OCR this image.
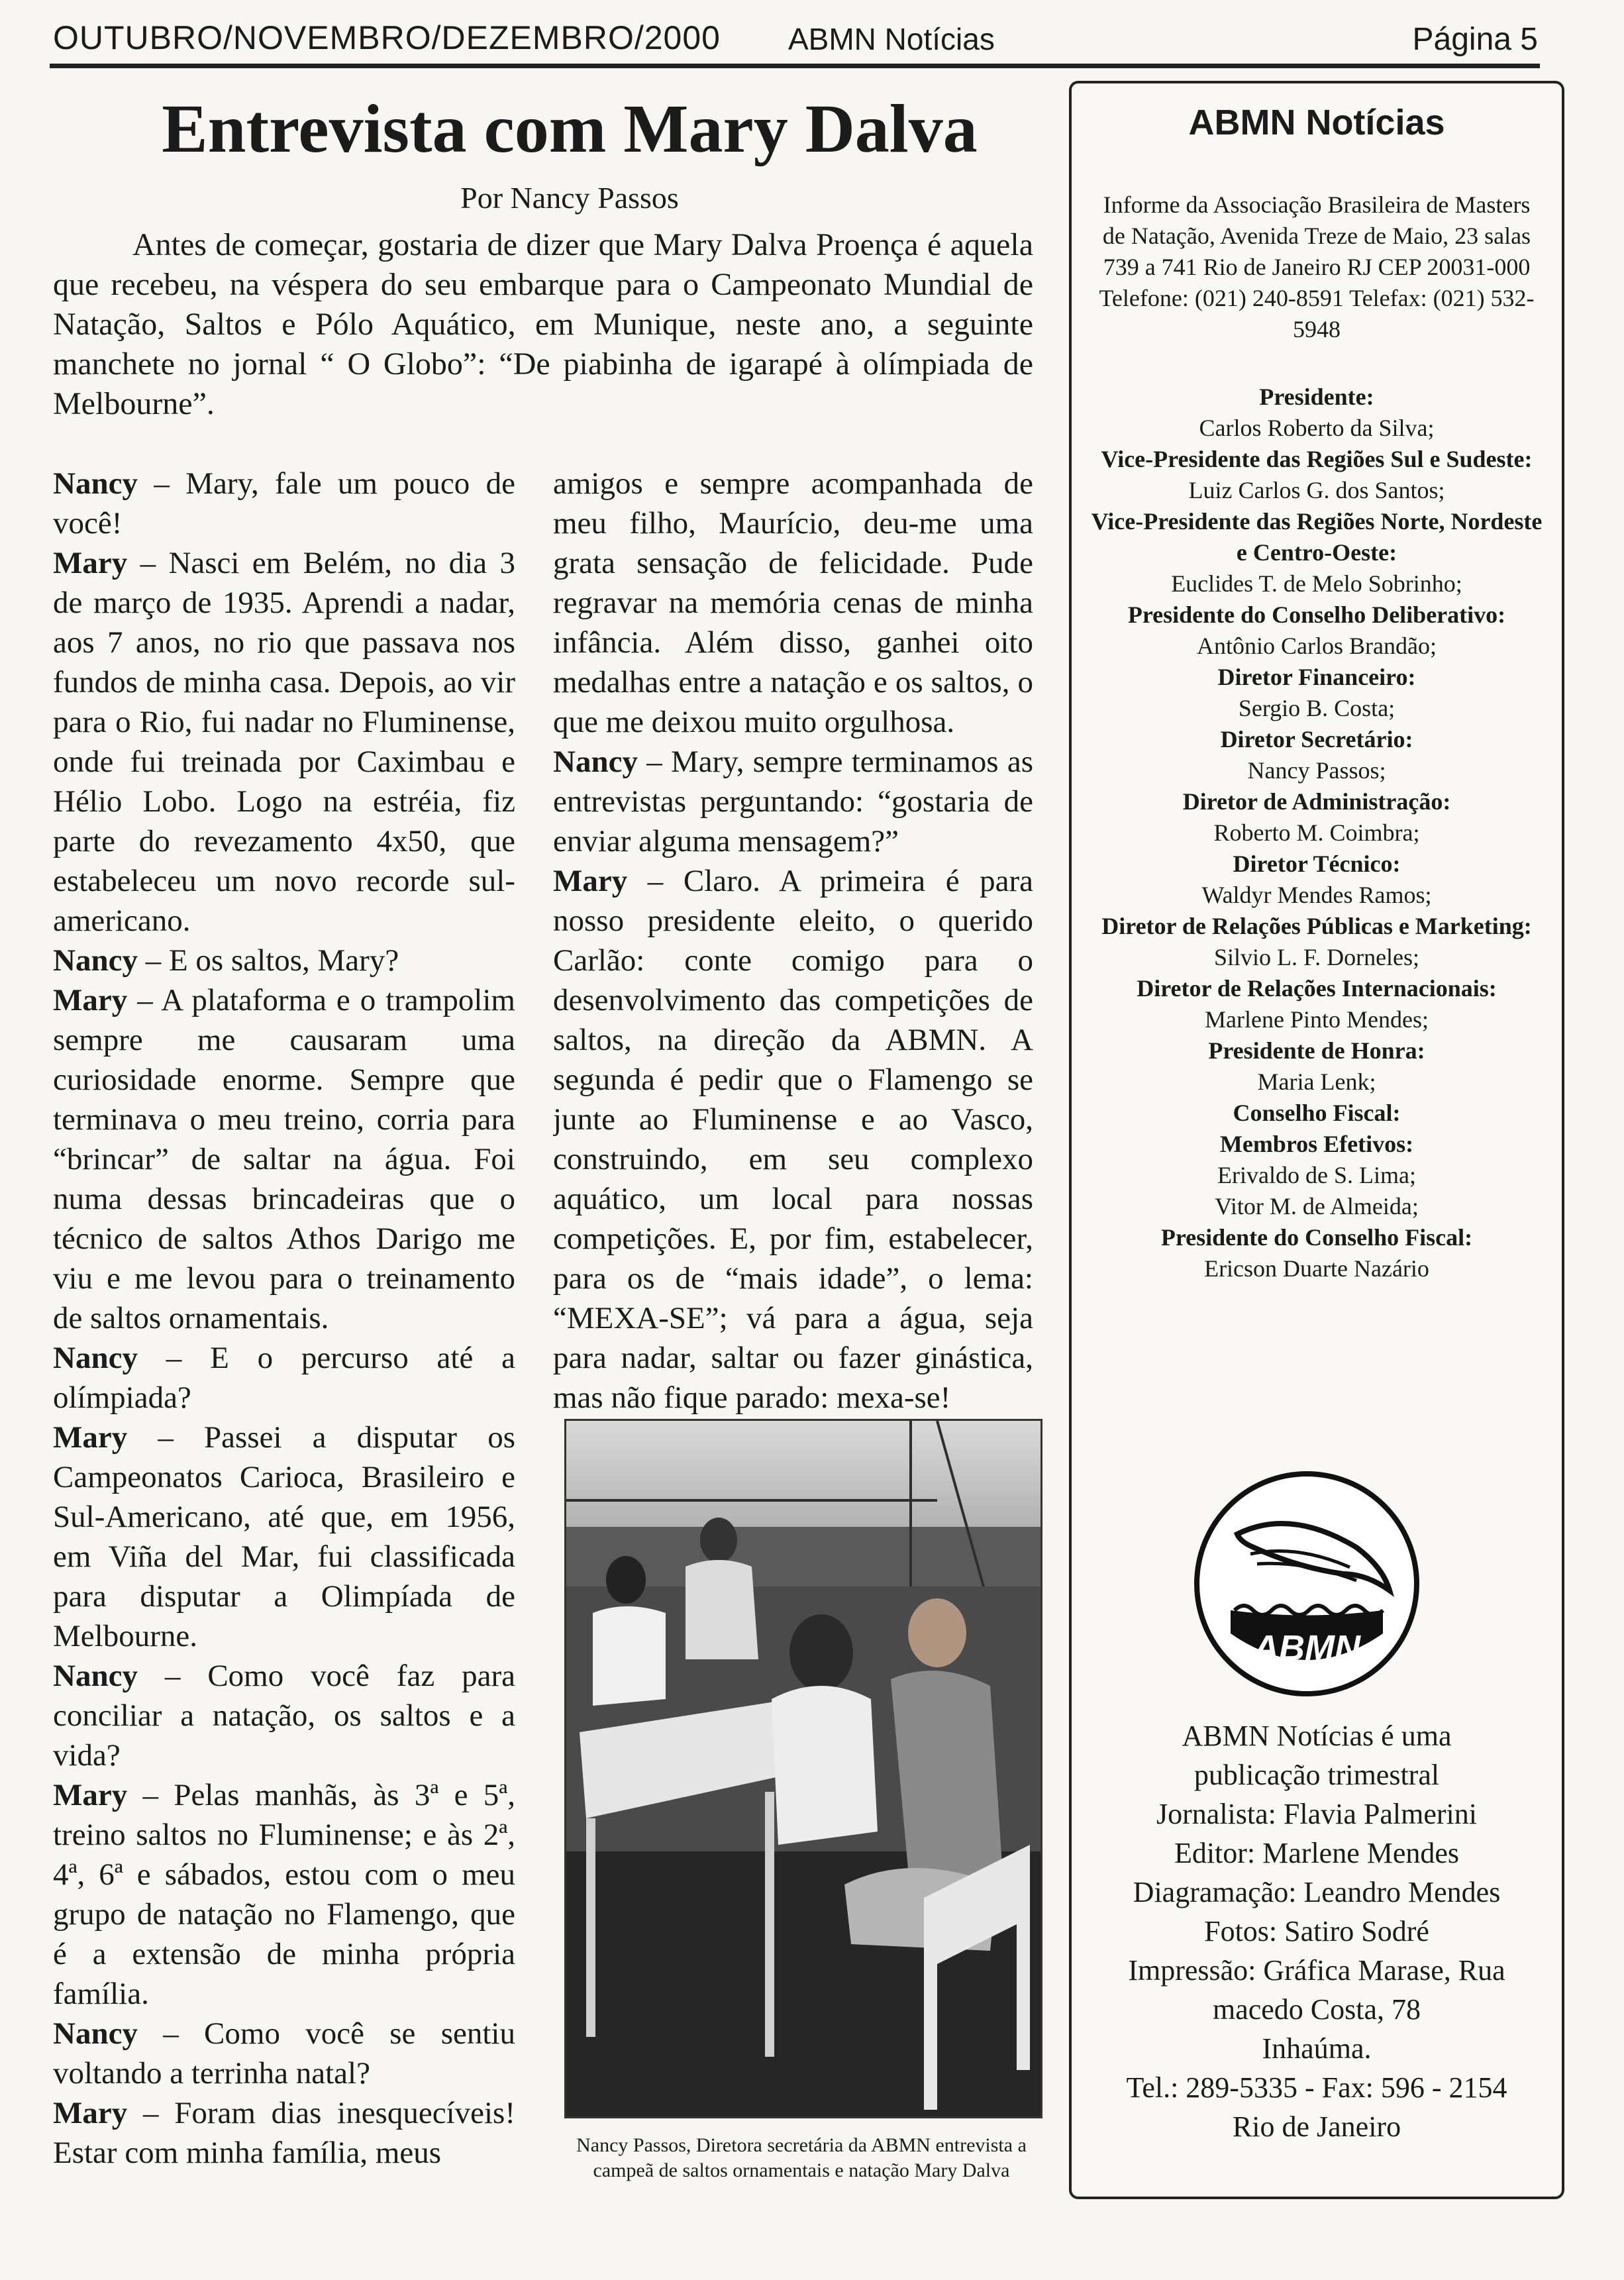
OUTUBRO/NOVEMBRO/DEZEMBRO/2000 ABMN Notícias	Página 5
Entrevista com Mary Dalva
Por Nancy Passos
Antes de começar, gostaria de dizer que Mary Dalva Proença é aquela que recebeu, na véspera do seu embarque para o Campeonato Mundial de Natação, Saltos e Pólo Aquático, em Munique, neste ano, a seguinte manchete no jornal “ O Globo”: “De piabinha de igarapé à olímpiada de Melbourne”.

Nancy – Mary, fale um pouco de você!

Mary – Nasci em Belém, no dia 3 de março de 1935. Aprendi a nadar, aos 7 anos, no rio que passava nos fundos de minha casa. Depois, ao vir para o Rio, fui nadar no Fluminense, onde fui treinada por Caximbau e Hélio Lobo. Logo na estréia, fiz parte do revezamento 4x50, que estabeleceu um novo recorde sul-americano.

Nancy – E os saltos, Mary?

Mary – A plataforma e o trampolim sempre me causaram uma curiosidade enorme. Sempre que terminava o meu treino, corria para “brincar” de saltar na água. Foi numa dessas brincadeiras que o técnico de saltos Athos Darigo me viu e me levou para o treinamento de saltos ornamentais.

Nancy – E o percurso até a olímpiada?

Mary – Passei a disputar os Campeonatos Carioca, Brasileiro e Sul-Americano, até que, em 1956, em Viña del Mar, fui classificada para disputar a Olimpíada de Melbourne.

Nancy – Como você faz para conciliar a natação, os saltos e a vida?

Mary – Pelas manhãs, às 3ª e 5ª, treino saltos no Fluminense; e às 2ª, 4ª, 6ª e sábados, estou com o meu grupo de natação no Flamengo, que é a extensão de minha própria família.

Nancy – Como você se sentiu voltando a terrinha natal?

Mary – Foram dias inesquecíveis! Estar com minha família, meus

amigos e sempre acompanhada de meu filho, Maurício, deu-me uma grata sensação de felicidade. Pude regravar na memória cenas de minha infância. Além disso, ganhei oito medalhas entre a natação e os saltos, o que me deixou muito orgulhosa.

Nancy – Mary, sempre terminamos as entrevistas perguntando: “gostaria de enviar alguma mensagem?”

Mary – Claro. A primeira é para nosso presidente eleito, o querido Carlão: conte comigo para o desenvolvimento das competições de saltos, na direção da ABMN. A segunda é pedir que o Flamengo se junte ao Fluminense e ao Vasco, construindo, em seu complexo aquático, um local para nossas competições. E, por fim, estabelecer, para os de “mais idade”, o lema: “MEXA-SE”; vá para a água, seja para nadar, saltar ou fazer ginástica, mas não fique parado: mexa-se!

Nancy Passos, Diretora secretária da ABMN entrevista a campeã de saltos ornamentais e natação Mary Dalva
ABMN Notícias
Informe da Associação Brasileira de Masters de Natação, Avenida Treze de Maio, 23 salas 739 a 741 Rio de Janeiro RJ CEP 20031-000 Telefone: (021) 240-8591 Telefax: (021) 532-5948
Presidente:
Carlos Roberto da Silva;
Vice-Presidente das Regiões Sul e Sudeste:
Luiz Carlos G. dos Santos;
Vice-Presidente das Regiões Norte, Nordeste e Centro-Oeste:
Euclides T. de Melo Sobrinho;
Presidente do Conselho Deliberativo:
Antônio Carlos Brandão;
Diretor Financeiro:
Sergio B. Costa;
Diretor Secretário:
Nancy Passos;
Diretor de Administração:
Roberto M. Coimbra;
Diretor Técnico:
Waldyr Mendes Ramos;
Diretor de Relações Públicas e Marketing:
Silvio L. F. Dorneles;
Diretor de Relações Internacionais:
Marlene Pinto Mendes;
Presidente de Honra:
Maria Lenk;
Conselho Fiscal:
Membros Efetivos:
Erivaldo de S. Lima;
Vitor M. de Almeida;
Presidente do Conselho Fiscal:
Ericson Duarte Nazário
ABMN
ABMN Notícias é uma
publicação trimestral
Jornalista: Flavia Palmerini
Editor: Marlene Mendes
Diagramação: Leandro Mendes
Fotos: Satiro Sodré
Impressão: Gráfica Marase, Rua
macedo Costa, 78
Inhaúma.
Tel.: 289-5335 - Fax: 596 - 2154
Rio de Janeiro
